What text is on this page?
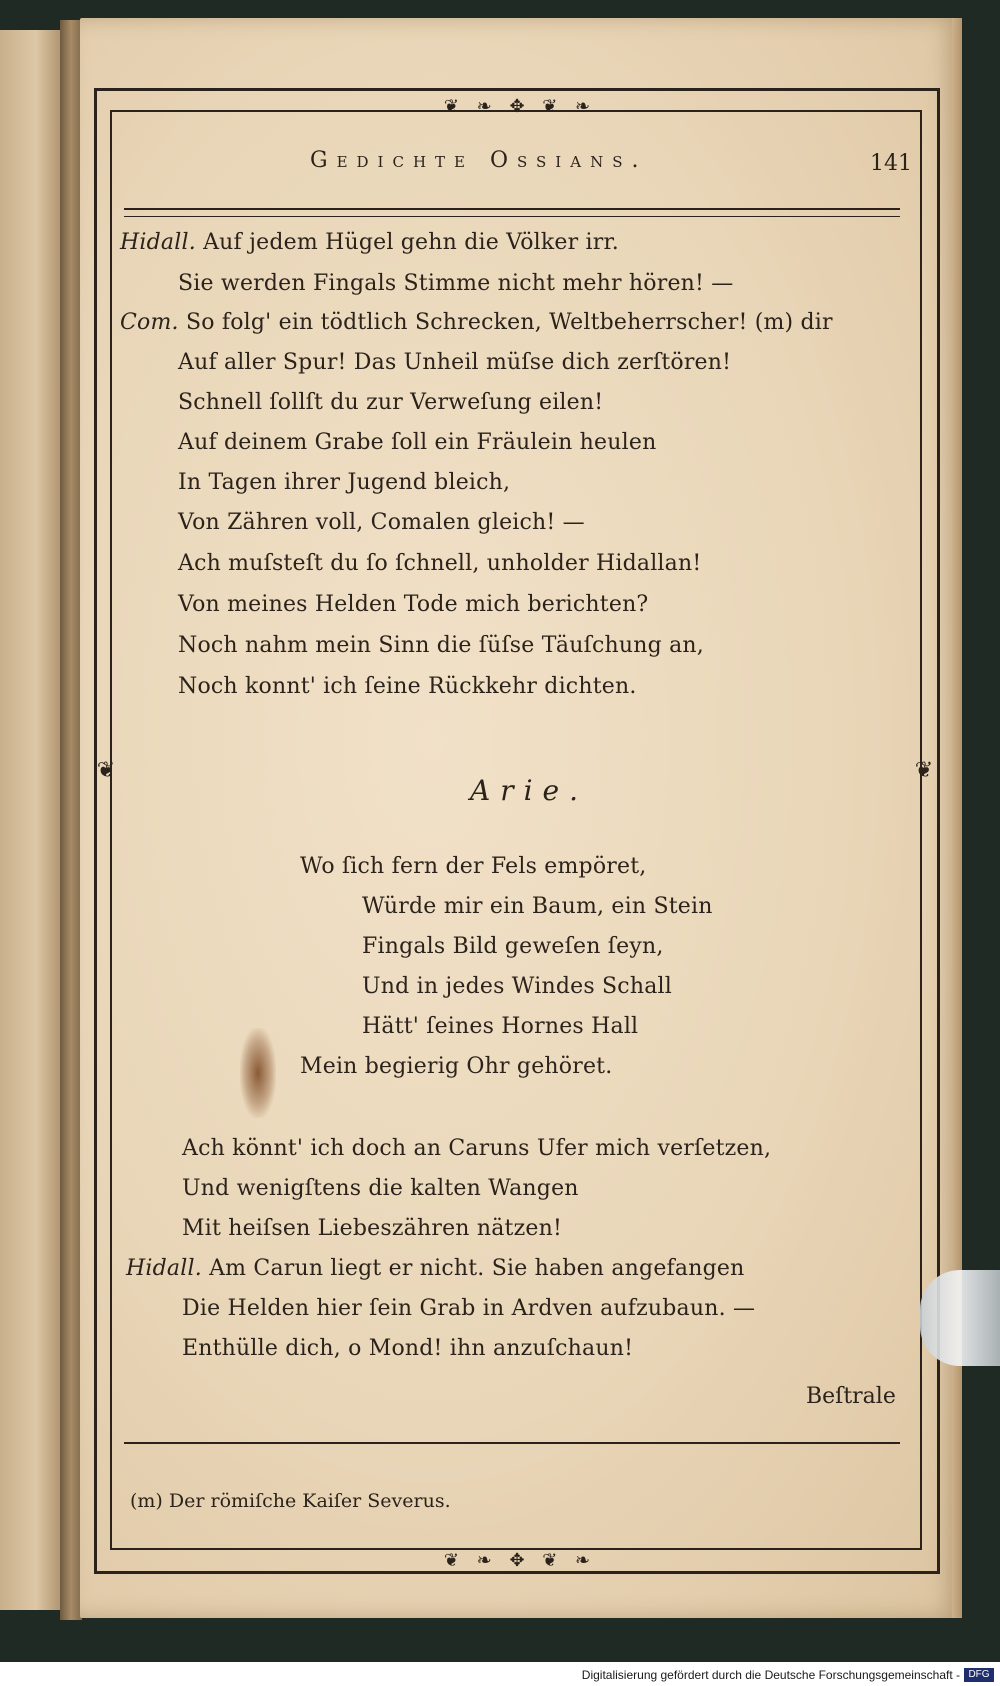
❦ ❧ ✥ ❦ ❧
❦ ❧ ✥ ❦ ❧
❦	❦
Gedichte Ossians.	141
Hidall. Auf jedem Hügel gehn die Völker irr.
Sie werden Fingals Stimme nicht mehr hören! —
Com. So folg' ein tödtlich Schrecken, Weltbeherrscher! (m) dir
Auf aller Spur! Das Unheil müſse dich zerſtören!
Schnell ſollſt du zur Verweſung eilen!
Auf deinem Grabe ſoll ein Fräulein heulen
In Tagen ihrer Jugend bleich,
Von Zähren voll, Comalen gleich! —
Ach muſsteſt du ſo ſchnell, unholder Hidallan!
Von meines Helden Tode mich berichten?
Noch nahm mein Sinn die ſüſse Täuſchung an,
Noch konnt' ich ſeine Rückkehr dichten.
Arie.
Wo ſich fern der Fels empöret,
Würde mir ein Baum, ein Stein
Fingals Bild geweſen ſeyn,
Und in jedes Windes Schall
Hätt' ſeines Hornes Hall
Mein begierig Ohr gehöret.
Ach könnt' ich doch an Caruns Ufer mich verſetzen,
Und wenigſtens die kalten Wangen
Mit heiſsen Liebeszähren nätzen!
Hidall. Am Carun liegt er nicht. Sie haben angefangen
Die Helden hier ſein Grab in Ardven aufzubaun. —
Enthülle dich, o Mond! ihn anzuſchaun!
Beſtrale
(m) Der römiſche Kaiſer Severus.
Digitalisierung gefördert durch die Deutsche Forschungsgemeinschaft - DFG
